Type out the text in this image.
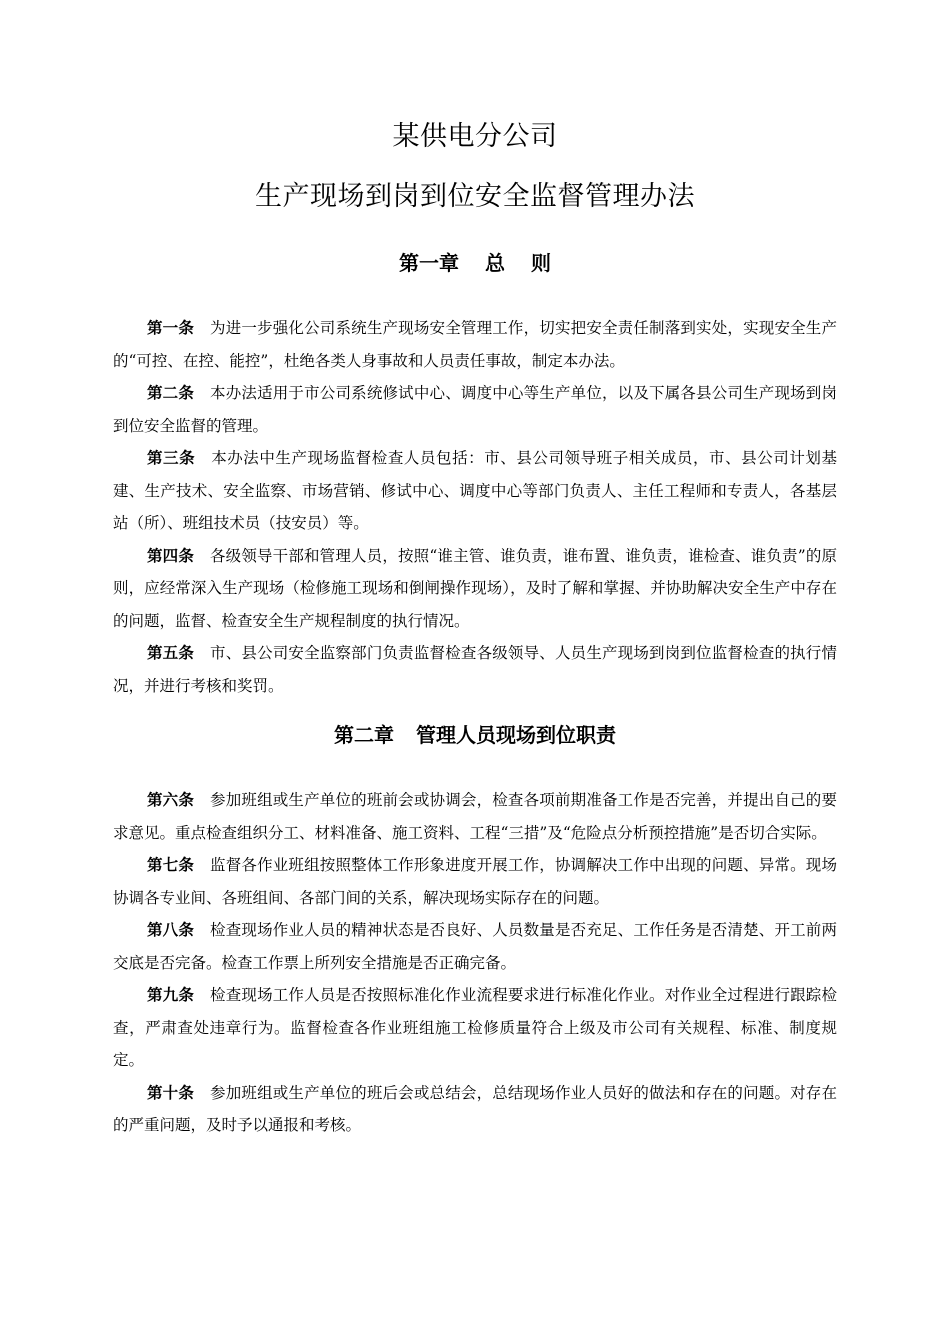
某供电分公司
生产现场到岗到位安全监督管理办法
第一章 总 则

第一条 为进一步强化公司系统生产现场安全管理工作，切实把安全责任制落到实处，实现安全生产的“可控、在控、能控”，杜绝各类人身事故和人员责任事故，制定本办法。

第二条 本办法适用于市公司系统修试中心、调度中心等生产单位，以及下属各县公司生产现场到岗到位安全监督的管理。

第三条 本办法中生产现场监督检查人员包括：市、县公司领导班子相关成员，市、县公司计划基建、生产技术、安全监察、市场营销、修试中心、调度中心等部门负责人、主任工程师和专责人，各基层站（所）、班组技术员（技安员）等。

第四条 各级领导干部和管理人员，按照“谁主管、谁负责，谁布置、谁负责，谁检查、谁负责”的原则，应经常深入生产现场（检修施工现场和倒闸操作现场），及时了解和掌握、并协助解决安全生产中存在的问题，监督、检查安全生产规程制度的执行情况。

第五条 市、县公司安全监察部门负责监督检查各级领导、人员生产现场到岗到位监督检查的执行情况，并进行考核和奖罚。

第二章 管理人员现场到位职责

第六条 参加班组或生产单位的班前会或协调会，检查各项前期准备工作是否完善，并提出自己的要求意见。重点检查组织分工、材料准备、施工资料、工程“三措”及“危险点分析预控措施”是否切合实际。

第七条 监督各作业班组按照整体工作形象进度开展工作，协调解决工作中出现的问题、异常。现场协调各专业间、各班组间、各部门间的关系，解决现场实际存在的问题。

第八条 检查现场作业人员的精神状态是否良好、人员数量是否充足、工作任务是否清楚、开工前两交底是否完备。检查工作票上所列安全措施是否正确完备。

第九条 检查现场工作人员是否按照标准化作业流程要求进行标准化作业。对作业全过程进行跟踪检查，严肃查处违章行为。监督检查各作业班组施工检修质量符合上级及市公司有关规程、标准、制度规定。

第十条 参加班组或生产单位的班后会或总结会，总结现场作业人员好的做法和存在的问题。对存在的严重问题，及时予以通报和考核。
